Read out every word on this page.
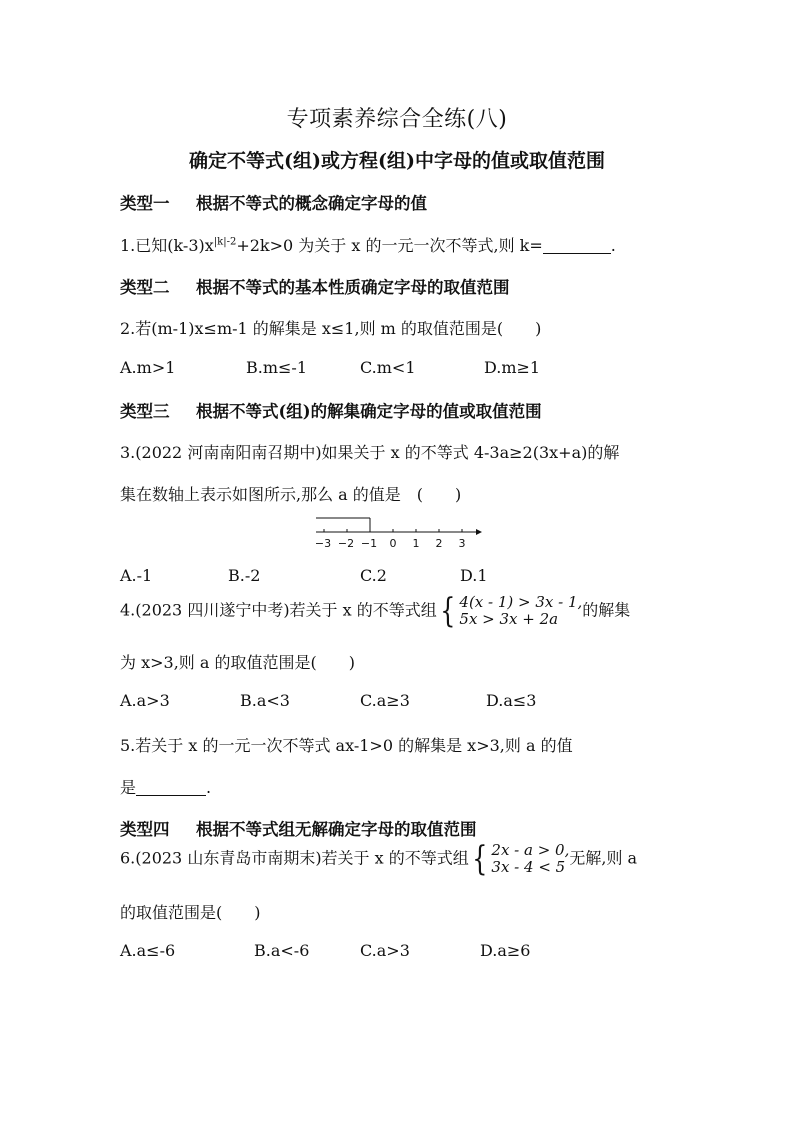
专项素养综合全练(八)
确定不等式(组)或方程(组)中字母的值或取值范围
类型一 根据不等式的概念确定字母的值
1.已知$(k-3)x^{|k|-2}+2k>0$ 为关于 x 的一元一次不等式,则 k=	.
类型二 根据不等式的基本性质确定字母的取值范围
2.若(m-1)x≤m-1 的解集是 x≤1,则 m 的取值范围是(　　)
A.m>1	B.m≤-1	C.m<1	D.m≥1
类型三 根据不等式(组)的解集确定字母的值或取值范围
3.(2022 河南南阳南召期中)如果关于 x 的不等式 4-3a≥2(3x+a)的解
集在数轴上表示如图所示,那么 a 的值是　(　　)
−3 −2 −1 0 1 2 3
A.-1	B.-2	C.2	D.1
4.(2023 四川遂宁中考)若关于 x 的不等式组 { 4(x - 1) > 3x - 1,
5x > 3x + 2a	的解集
为 x>3,则 a 的取值范围是(　　)
A.a>3	B.a<3	C.a≥3	D.a≤3
5.若关于 x 的一元一次不等式 ax-1>0 的解集是 x>3,则 a 的值
是	.
类型四 根据不等式组无解确定字母的取值范围
6.(2023 山东青岛市南期末)若关于 x 的不等式组 { 2x - a > 0,
3x - 4 < 5 无解,则 a
的取值范围是(　　)
A.a≤-6	B.a<-6	C.a>3	D.a≥6
